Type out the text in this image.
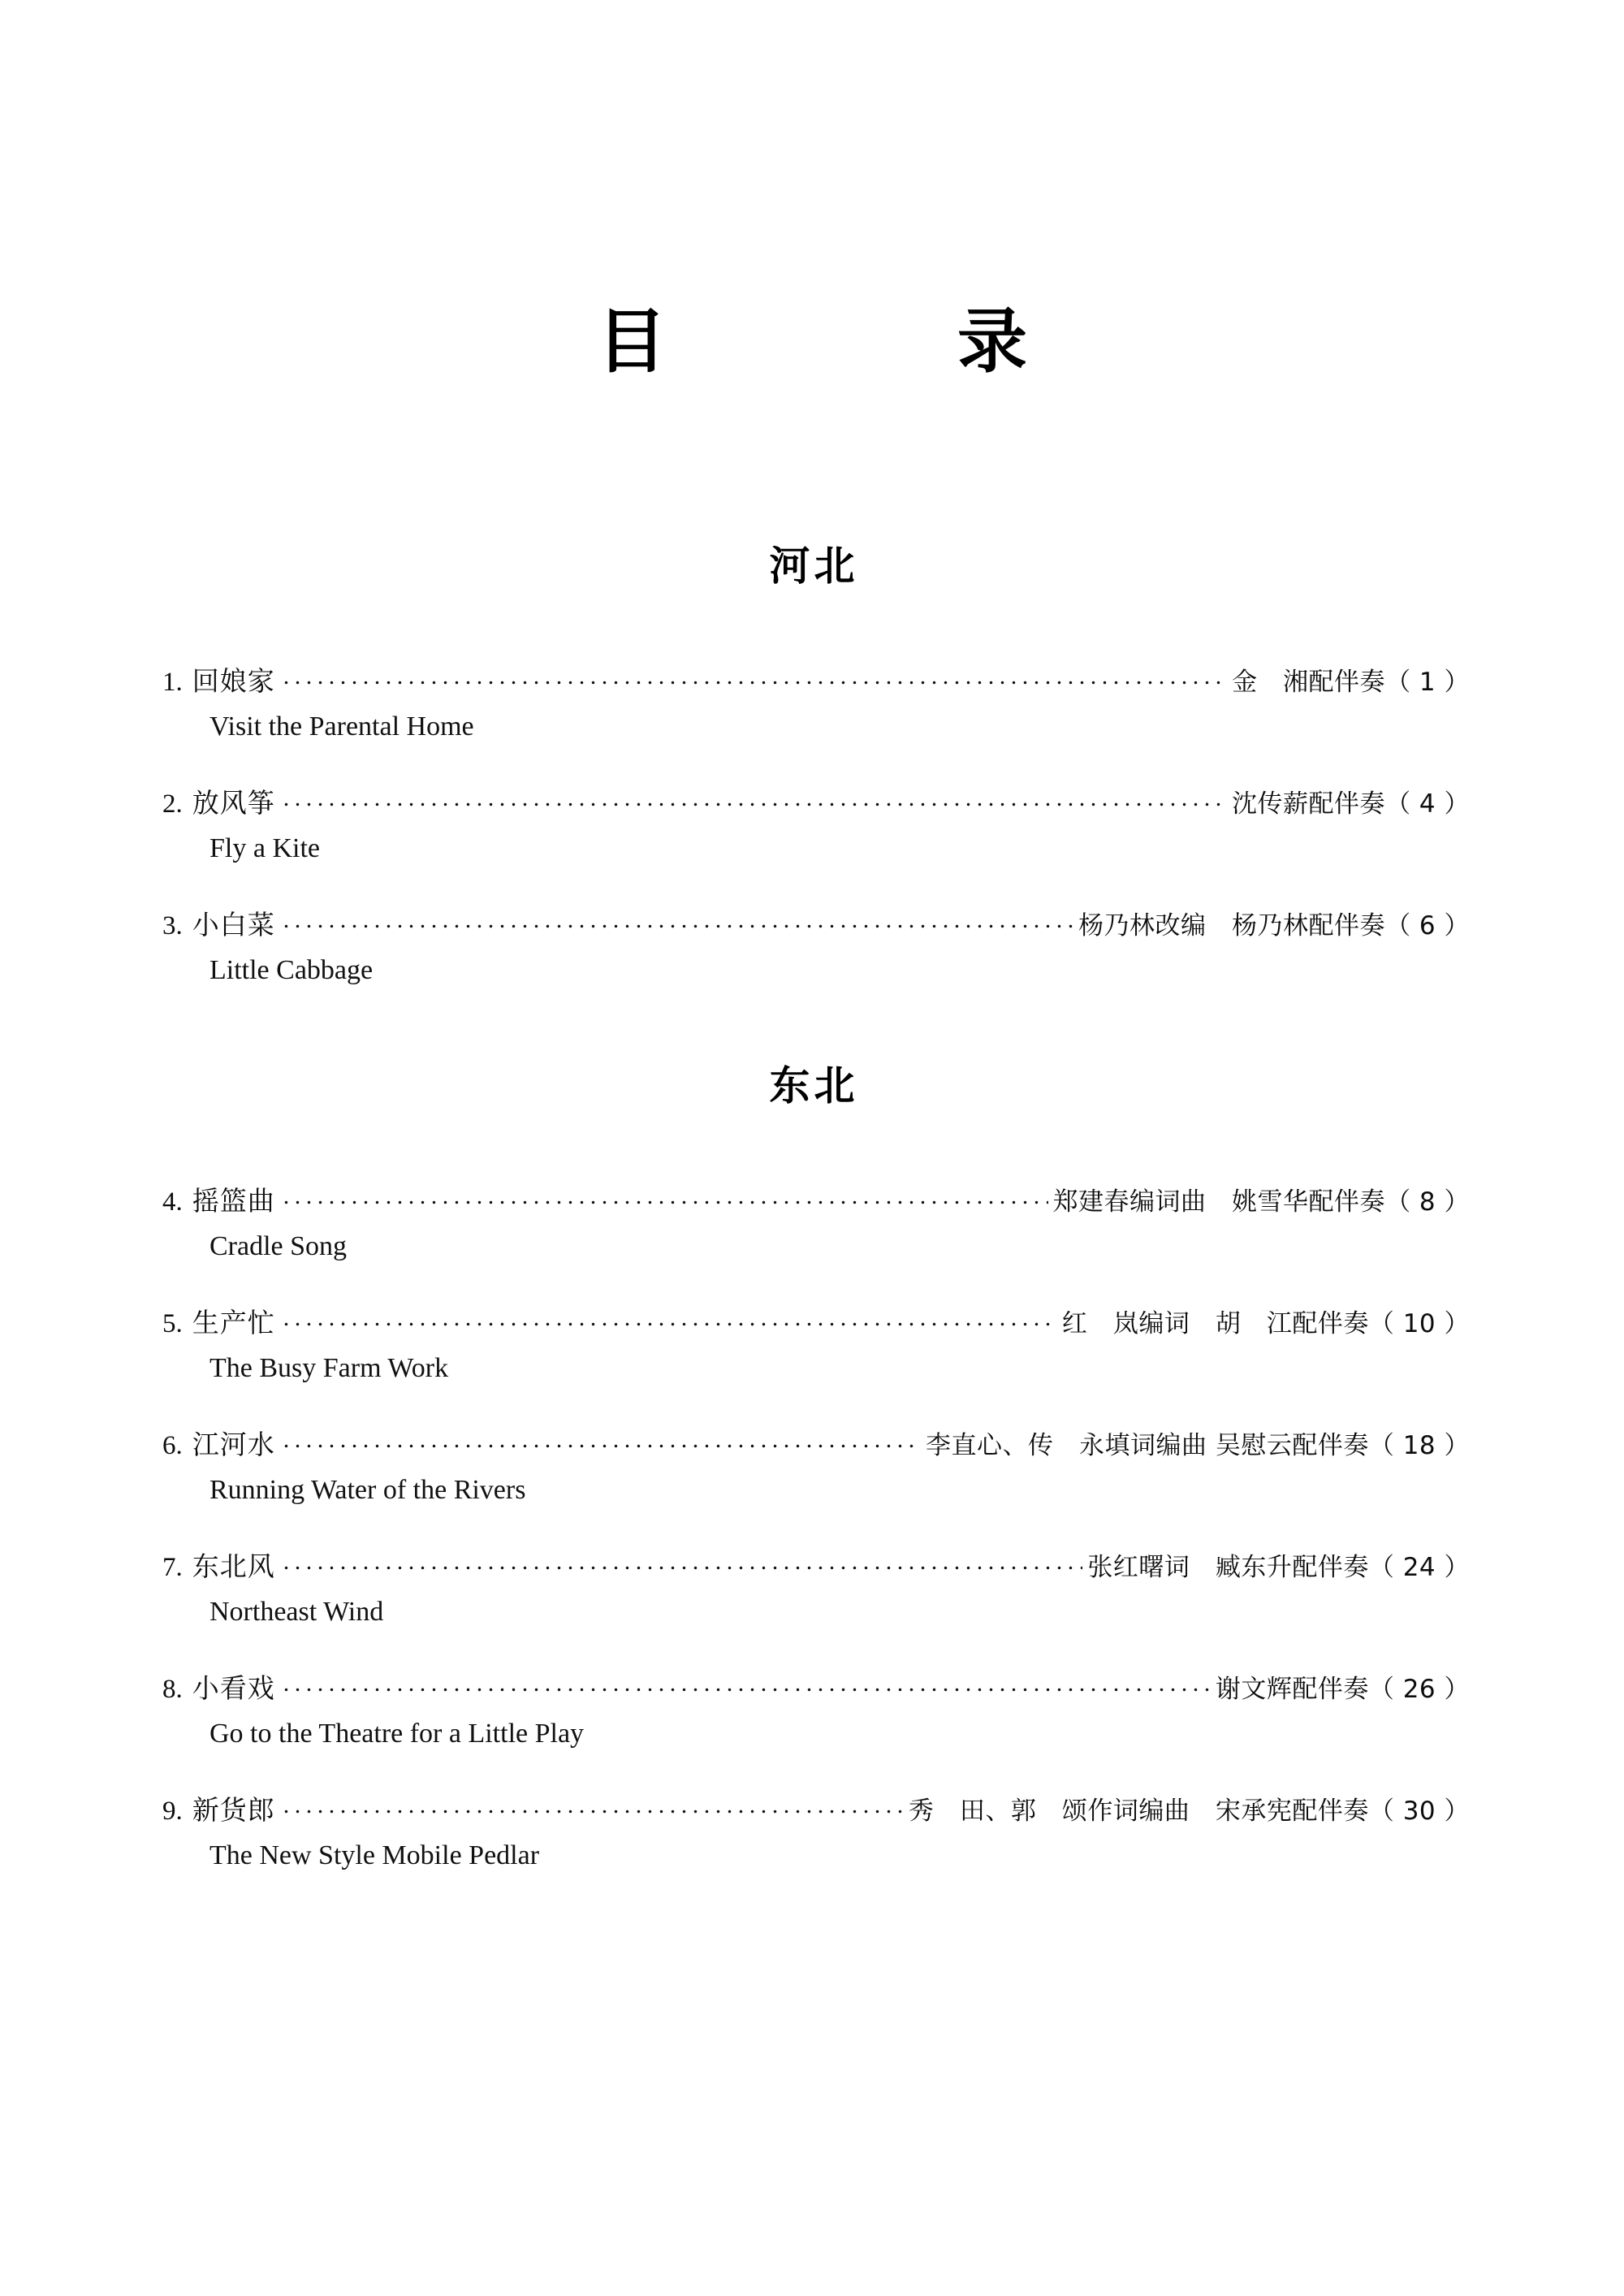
目　　录
河北
1. 回娘家 .....	金　湘配伴奏 （ 1 ）
Visit the Parental Home
2. 放风筝 .....	沈传薪配伴奏 （ 4 ）
Fly a Kite
3. 小白菜 .....	杨乃林改编　杨乃林配伴奏 （ 6 ）
Little Cabbage
东北
4. 摇篮曲 .....	郑建春编词曲　姚雪华配伴奏 （ 8 ）
Cradle Song
5. 生产忙 .....	红　岚编词　胡　江配伴奏 （ 10 ）
The Busy Farm Work
6. 江河水 .....	李直心、传　永填词编曲 吴慰云配伴奏 （ 18 ）
Running Water of the Rivers
7. 东北风 .....	张红曙词　臧东升配伴奏 （ 24 ）
Northeast Wind
8. 小看戏 .....	谢文辉配伴奏 （ 26 ）
Go to the Theatre for a Little Play
9. 新货郎 .....	秀　田、郭　颂作词编曲　宋承宪配伴奏 （ 30 ）
The New Style Mobile Pedlar
